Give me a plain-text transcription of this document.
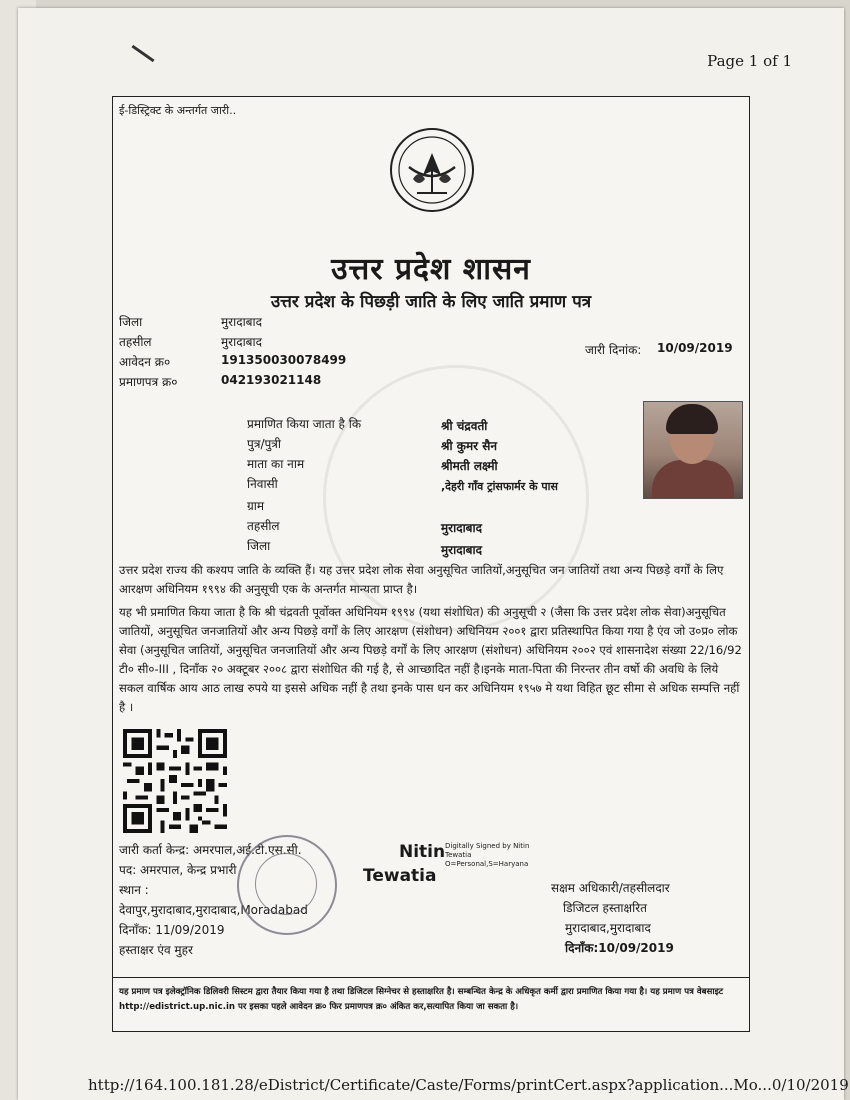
Page 1 of 1
ई-डिस्ट्रिक्ट के अन्तर्गत जारी..
उत्तर प्रदेश शासन
उत्तर प्रदेश के पिछड़ी जाति के लिए जाति प्रमाण पत्र
जिला	मुरादाबाद
तहसील	मुरादाबाद
आवेदन क्र०	191350030078499
प्रमाणपत्र क्र०	042193021148
जारी दिनांक: 10/09/2019
प्रमाणित किया जाता है कि	श्री चंद्रवती
पुत्र/पुत्री	श्री कुमर सैन
माता का नाम	श्रीमती लक्ष्मी
निवासी	,देहरी गाँव ट्रांसफार्मर के पास
ग्राम
तहसील	मुरादाबाद
जिला	मुरादाबाद
उत्तर प्रदेश राज्य की कश्यप जाति के व्यक्ति हैं। यह उत्तर प्रदेश लोक सेवा अनुसूचित जातियों,अनुसूचित जन जातियों तथा अन्य पिछड़े वर्गों के लिए आरक्षण अधिनियम १९९४ की अनुसूची एक के अन्तर्गत मान्यता प्राप्त है।
यह भी प्रमाणित किया जाता है कि श्री चंद्रवती पूर्वोक्त अधिनियम १९९४ (यथा संशोधित) की अनुसूची २ (जैसा कि उत्तर प्रदेश लोक सेवा)अनुसूचित जातियों, अनुसूचित जनजातियों और अन्य पिछड़े वर्गों के लिए आरक्षण (संशोधन) अधिनियम २००१ द्वारा प्रतिस्थापित किया गया है एंव जो उ०प्र० लोक सेवा (अनुसूचित जातियों, अनुसूचित जनजातियों और अन्य पिछड़े वर्गों के लिए आरक्षण (संशोधन) अधिनियम २००२ एवं शासनादेश संख्या 22/16/92 टी० सी०-III , दिनाँक २० अक्टूबर २००८ द्वारा संशोधित की गई है, से आच्छादित नहीं है।इनके माता-पिता की निरन्तर तीन वर्षो की अवधि के लिये सकल वार्षिक आय आठ लाख रुपये या इससे अधिक नहीं है तथा इनके पास धन कर अधिनियम १९५७ मे यथा विहित छूट सीमा से अधिक सम्पत्ति नहीं है ।
जारी कर्ता केन्द्र: अमरपाल,अई.टी.एस.सी.
पद: अमरपाल, केन्द्र प्रभारी
स्थान :
देवापुर,मुरादाबाद,मुरादाबाद,Moradabad
दिनाँक: 11/09/2019
हस्ताक्षर एंव मुहर
Nitin Digitally Signed by Nitin
Tewatia
O=Personal,S=Haryana
Tewatia
सक्षम अधिकारी/तहसीलदार
डिजिटल हस्ताक्षरित
मुरादाबाद,मुरादाबाद
दिनाँक:10/09/2019
यह प्रमाण पत्र इलेक्ट्रॉनिक डिलिवरी सिस्टम द्वारा तैयार किया गया है तथा डिजिटल सिग्नेचर से हस्ताक्षरित है। सम्बन्धित केन्द्र के अधिकृत कर्मी द्वारा प्रमाणित किया गया है। यह प्रमाण पत्र वेबसाइट http://edistrict.up.nic.in पर इसका पहले आवेदन क्र० फिर प्रमाणपत्र क्र० अंकित कर,सत्यापित किया जा सकता है।
http://164.100.181.28/eDistrict/Certificate/Caste/Forms/printCert.aspx?application...Mo...0/10/2019
